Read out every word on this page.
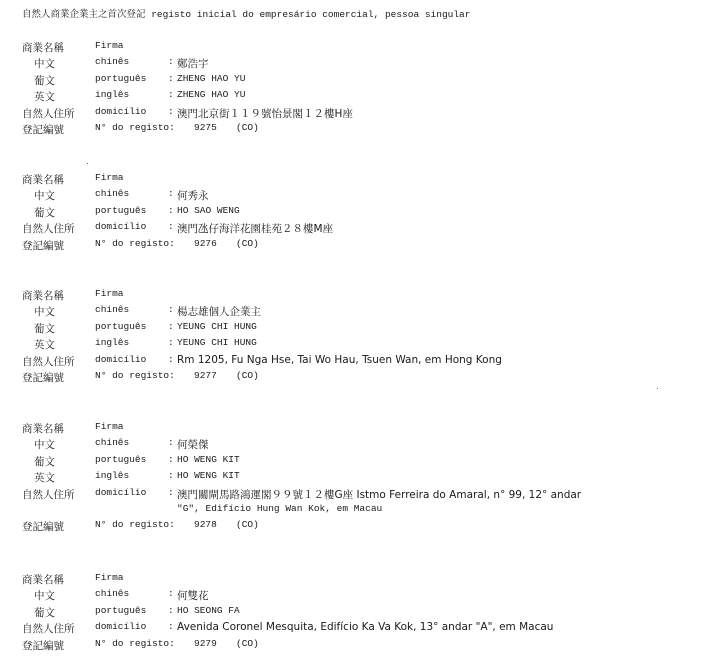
自然人商業企業主之首次登記 registo inicial do empresário comercial, pessoa singular
商業名稱	Firma
中文	chinês	: 鄭浩宇
葡文	português : ZHENG HAO YU
英文	inglês	: ZHENG HAO YU
自然人住所 domicílio : 澳門北京街１１９號怡景閣１２樓H座
登記編號	N° do registo: 9275 (CO)
商業名稱	Firma
中文	chinês	: 何秀永
葡文	português : HO SAO WENG
自然人住所 domicílio : 澳門氹仔海洋花園桂苑２８樓M座
登記編號	N° do registo: 9276 (CO)
商業名稱	Firma
中文	chinês	: 楊志雄個人企業主
葡文	português : YEUNG CHI HUNG
英文	inglês	: YEUNG CHI HUNG
自然人住所 domicílio : Rm 1205, Fu Nga Hse, Tai Wo Hau, Tsuen Wan, em Hong Kong
登記編號	N° do registo: 9277 (CO)
商業名稱	Firma
中文	chinês	: 何榮傑
葡文	português : HO WENG KIT
英文	inglês	: HO WENG KIT
自然人住所 domicílio : 澳門關閘馬路鴻運閣９９號１２樓G座 Istmo Ferreira do Amaral, n° 99, 12° andar
"G", Edifício Hung Wan Kok, em Macau
登記編號	N° do registo: 9278 (CO)
商業名稱	Firma
中文	chinês	: 何雙花
葡文	português : HO SEONG FA
自然人住所 domicílio : Avenida Coronel Mesquita, Edifício Ka Va Kok, 13° andar "A", em Macau
登記編號	N° do registo: 9279 (CO)
